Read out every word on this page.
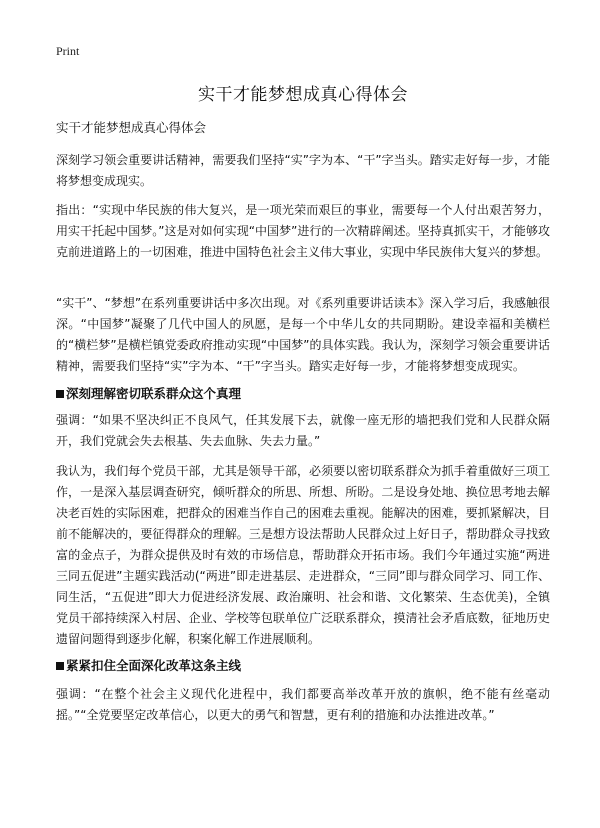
Print
实干才能梦想成真心得体会

实干才能梦想成真心得体会

深刻学习领会重要讲话精神，需要我们坚持“实”字为本、“干”字当头。踏实走好每一步，才能将梦想变成现实。

指出：“实现中华民族的伟大复兴，是一项光荣而艰巨的事业，需要每一个人付出艰苦努力，用实干托起中国梦。”这是对如何实现“中国梦”进行的一次精辟阐述。坚持真抓实干，才能够攻克前进道路上的一切困难，推进中国特色社会主义伟大事业，实现中华民族伟大复兴的梦想。

“实干”、“梦想”在系列重要讲话中多次出现。对《系列重要讲话读本》深入学习后，我感触很深。“中国梦”凝聚了几代中国人的夙愿，是每一个中华儿女的共同期盼。建设幸福和美横栏的“横栏梦”是横栏镇党委政府推动实现“中国梦”的具体实践。我认为，深刻学习领会重要讲话精神，需要我们坚持“实”字为本、“干”字当头。踏实走好每一步，才能将梦想变成现实。

深刻理解密切联系群众这个真理

强调：“如果不坚决纠正不良风气，任其发展下去，就像一座无形的墙把我们党和人民群众隔开，我们党就会失去根基、失去血脉、失去力量。”

我认为，我们每个党员干部，尤其是领导干部，必须要以密切联系群众为抓手着重做好三项工作，一是深入基层调查研究，倾听群众的所思、所想、所盼。二是设身处地、换位思考地去解决老百姓的实际困难，把群众的困难当作自己的困难去重视。能解决的困难，要抓紧解决，目前不能解决的，要征得群众的理解。三是想方设法帮助人民群众过上好日子，帮助群众寻找致富的金点子，为群众提供及时有效的市场信息，帮助群众开拓市场。我们今年通过实施“两进三同五促进”主题实践活动(“两进”即走进基层、走进群众，“三同”即与群众同学习、同工作、同生活，“五促进”即大力促进经济发展、政治廉明、社会和谐、文化繁荣、生态优美)，全镇党员干部持续深入村居、企业、学校等包联单位广泛联系群众，摸清社会矛盾底数，征地历史遗留问题得到逐步化解，积案化解工作进展顺利。

紧紧扣住全面深化改革这条主线

强调：“在整个社会主义现代化进程中，我们都要高举改革开放的旗帜，绝不能有丝毫动摇。”“全党要坚定改革信心，以更大的勇气和智慧，更有利的措施和办法推进改革。”
